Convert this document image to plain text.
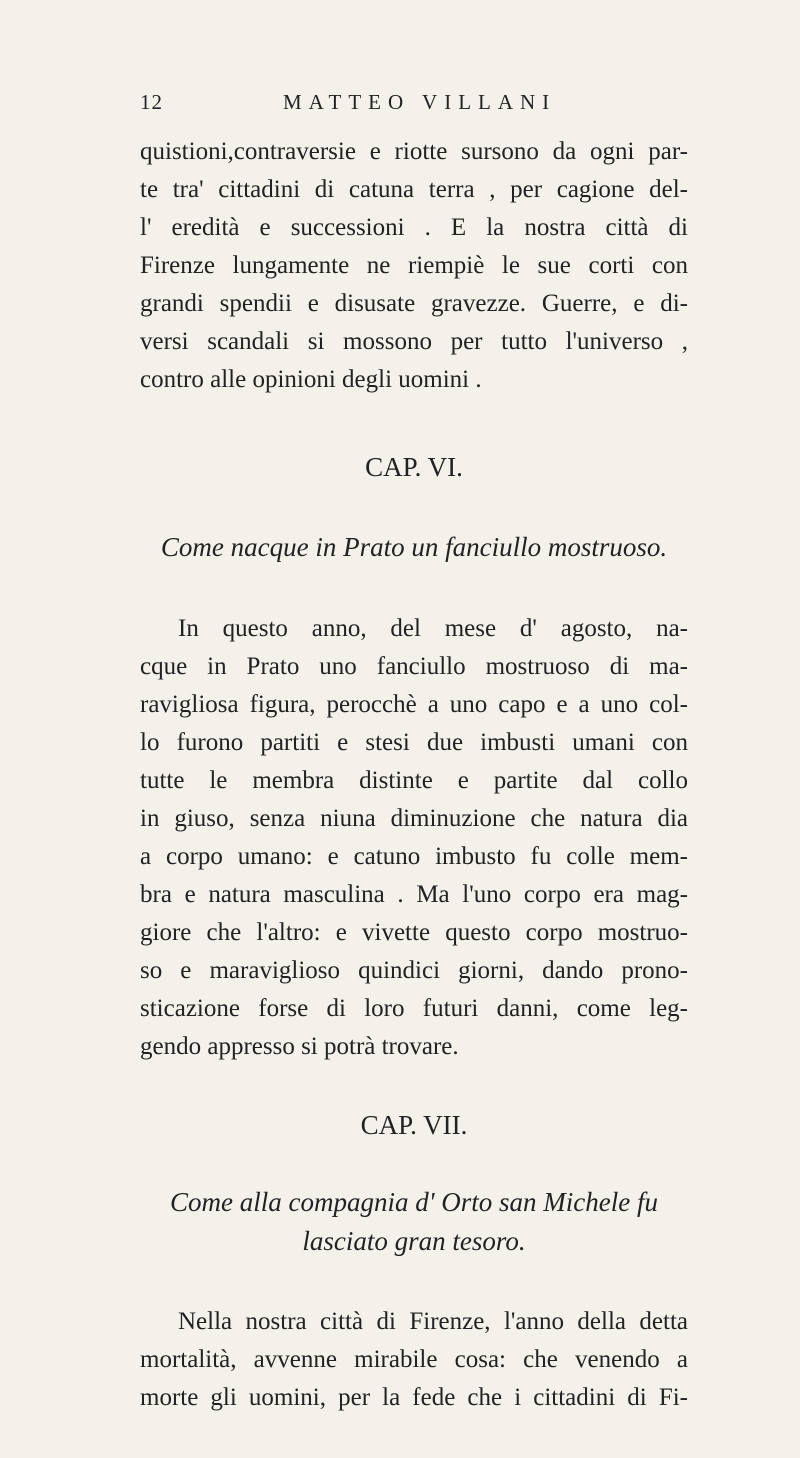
12	MATTEO VILLANI
quistioni,contraversie e riotte sursono da ogni par-
te tra' cittadini di catuna terra , per cagione del-
l' eredità e successioni . E la nostra città di
Firenze lungamente ne riempiè le sue corti con
grandi spendii e disusate gravezze. Guerre, e di-
versi scandali si mossono per tutto l'universo ,
contro alle opinioni degli uomini .
CAP. VI.
Come nacque in Prato un fanciullo mostruoso.
In questo anno, del mese d' agosto, na-
cque in Prato uno fanciullo mostruoso di ma-
ravigliosa figura, perocchè a uno capo e a uno col-
lo furono partiti e stesi due imbusti umani con
tutte le membra distinte e partite dal collo
in giuso, senza niuna diminuzione che natura dia
a corpo umano: e catuno imbusto fu colle mem-
bra e natura masculina . Ma l'uno corpo era mag-
giore che l'altro: e vivette questo corpo mostruo-
so e maraviglioso quindici giorni, dando prono-
sticazione forse di loro futuri danni, come leg-
gendo appresso si potrà trovare.
CAP. VII.
Come alla compagnia d' Orto san Michele fu
lasciato gran tesoro.
Nella nostra città di Firenze, l'anno della detta
mortalità, avvenne mirabile cosa: che venendo a
morte gli uomini, per la fede che i cittadini di Fi-
